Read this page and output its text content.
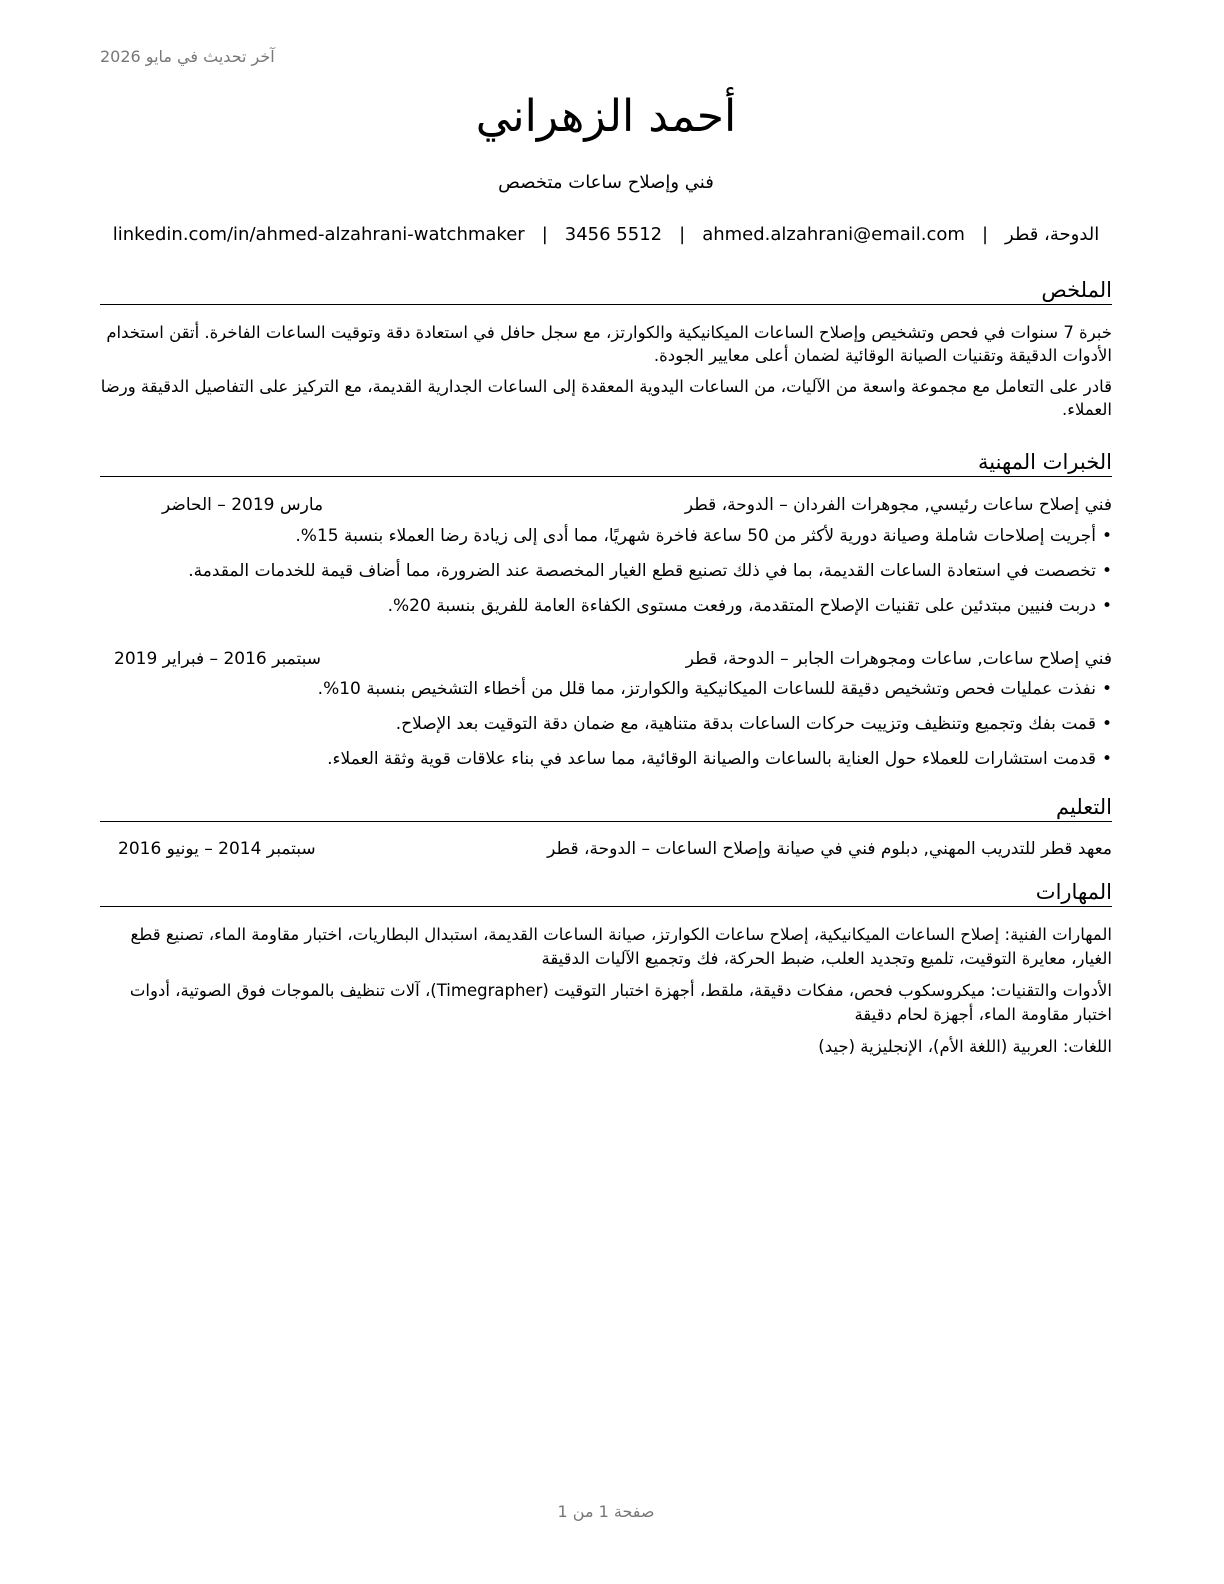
آخر تحديث في مايو 2026
أحمد الزهراني
فني وإصلاح ساعات متخصص
الدوحة، قطر
|
ahmed.alzahrani@email.com
|
3456 5512
|
linkedin.com/in/ahmed-alzahrani-watchmaker
الملخص

خبرة 7 سنوات في فحص وتشخيص وإصلاح الساعات الميكانيكية والكوارتز، مع سجل حافل في استعادة دقة وتوقيت الساعات الفاخرة. أتقن استخدام الأدوات الدقيقة وتقنيات الصيانة الوقائية لضمان أعلى معايير الجودة.

قادر على التعامل مع مجموعة واسعة من الآليات، من الساعات اليدوية المعقدة إلى الساعات الجدارية القديمة، مع التركيز على التفاصيل الدقيقة ورضا العملاء.

الخبرات المهنية
فني إصلاح ساعات رئيسي, مجوهرات الفردان – الدوحة، قطر
مارس 2019 – الحاضر
•أجريت إصلاحات شاملة وصيانة دورية لأكثر من 50 ساعة فاخرة شهريًا، مما أدى إلى زيادة رضا العملاء بنسبة 15%.
•تخصصت في استعادة الساعات القديمة، بما في ذلك تصنيع قطع الغيار المخصصة عند الضرورة، مما أضاف قيمة للخدمات المقدمة.
•دربت فنيين مبتدئين على تقنيات الإصلاح المتقدمة، ورفعت مستوى الكفاءة العامة للفريق بنسبة 20%.
فني إصلاح ساعات, ساعات ومجوهرات الجابر – الدوحة، قطر
سبتمبر 2016 – فبراير 2019
•نفذت عمليات فحص وتشخيص دقيقة للساعات الميكانيكية والكوارتز، مما قلل من أخطاء التشخيص بنسبة 10%.
•قمت بفك وتجميع وتنظيف وتزييت حركات الساعات بدقة متناهية، مع ضمان دقة التوقيت بعد الإصلاح.
•قدمت استشارات للعملاء حول العناية بالساعات والصيانة الوقائية، مما ساعد في بناء علاقات قوية وثقة العملاء.
التعليم
معهد قطر للتدريب المهني, دبلوم فني في صيانة وإصلاح الساعات – الدوحة، قطر
سبتمبر 2014 – يونيو 2016
المهارات

المهارات الفنية: إصلاح الساعات الميكانيكية، إصلاح ساعات الكوارتز، صيانة الساعات القديمة، استبدال البطاريات، اختبار مقاومة الماء، تصنيع قطع الغيار، معايرة التوقيت، تلميع وتجديد العلب، ضبط الحركة، فك وتجميع الآليات الدقيقة

الأدوات والتقنيات: ميكروسكوب فحص، مفكات دقيقة، ملقط، أجهزة اختبار التوقيت (Timegrapher)، آلات تنظيف بالموجات فوق الصوتية، أدوات اختبار مقاومة الماء، أجهزة لحام دقيقة

اللغات: العربية (اللغة الأم)، الإنجليزية (جيد)

صفحة 1 من 1
